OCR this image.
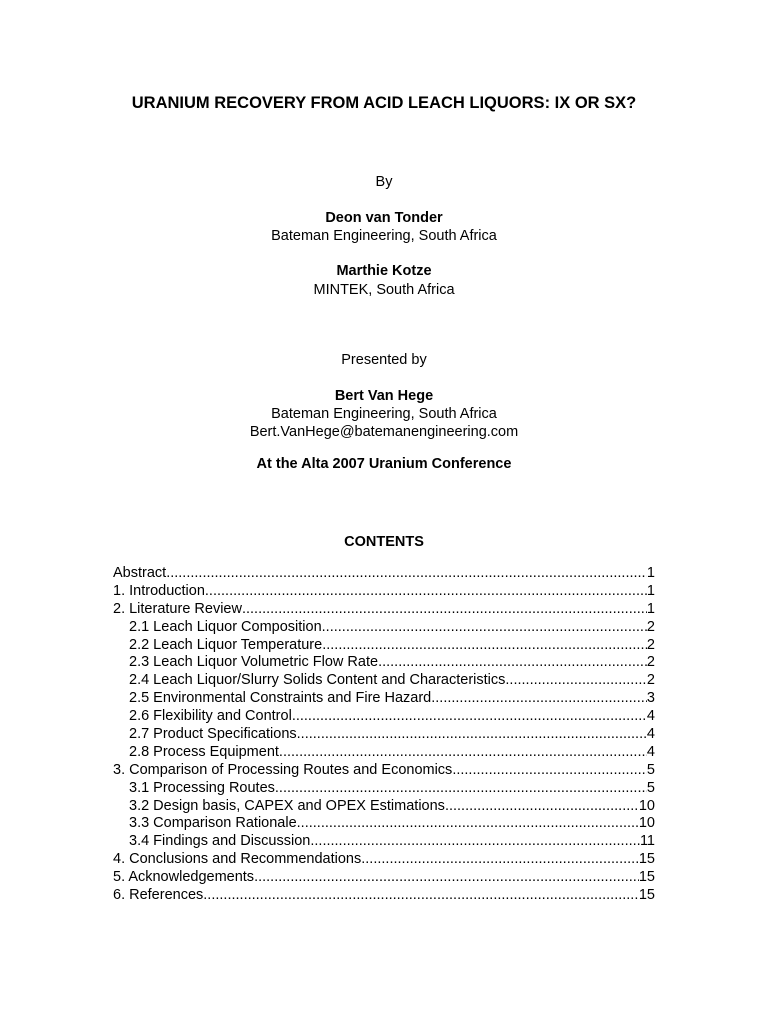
URANIUM RECOVERY FROM ACID LEACH LIQUORS: IX OR SX?
By
Deon van Tonder
Bateman Engineering, South Africa
Marthie Kotze
MINTEK, South Africa
Presented by
Bert Van Hege
Bateman Engineering, South Africa
Bert.VanHege@batemanengineering.com
At the Alta 2007 Uranium Conference
CONTENTS
Abstract .....	1
1. Introduction .....	1
2. Literature Review .....	1
2.1 Leach Liquor Composition .....	2
2.2 Leach Liquor Temperature .....	2
2.3 Leach Liquor Volumetric Flow Rate .....	2
2.4 Leach Liquor/Slurry Solids Content and Characteristics .....	2
2.5 Environmental Constraints and Fire Hazard .....	3
2.6 Flexibility and Control .....	4
2.7 Product Specifications .....	4
2.8 Process Equipment .....	4
3. Comparison of Processing Routes and Economics .....	5
3.1 Processing Routes .....	5
3.2 Design basis, CAPEX and OPEX Estimations .....	10
3.3 Comparison Rationale .....	10
3.4 Findings and Discussion .....	11
4. Conclusions and Recommendations .....	15
5. Acknowledgements .....	15
6. References .....	15
